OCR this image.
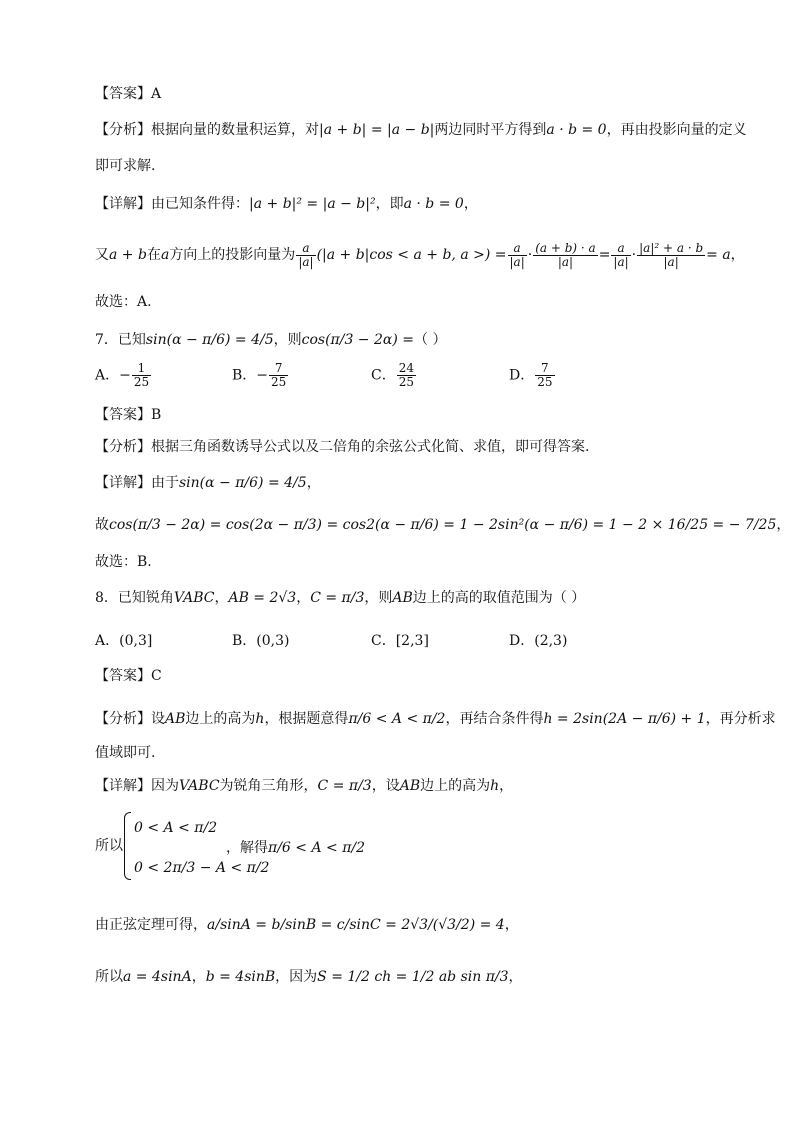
【答案】A
【分析】根据向量的数量积运算，对|a + b| = |a − b|两边同时平方得到a · b = 0，再由投影向量的定义
即可求解.
【详解】由已知条件得：|a + b|² = |a − b|²，即a · b = 0，
又a + b在a方向上的投影向量为 $\frac{a}{|a|} (|a + b|\cos < a + b$, a >) = $\frac{a}{|a|} \cdot \frac{(a + b) \cdot a}{|a|} = \frac{a}{|a|} \cdot \frac{\text{|a|² + a · b}}{|a|} = a$，
故选：A.
7．已知sin(α − π/6) = 4/5，则cos(π/3 − 2α) =（ ）
A．− $\frac{1}{25}$	B．− $\frac{7}{25}$	C． $\frac{24}{25}$	D． $\frac{7}{25}$
【答案】B
【分析】根据三角函数诱导公式以及二倍角的余弦公式化简、求值，即可得答案.
【详解】由于sin(α − π/6) = 4/5，
故cos(π/3 − 2α) = cos(2α − π/3) = cos2(α − π/6) = 1 − 2sin²(α − π/6) = 1 − 2 × 16/25 = − 7/25，
故选：B.
8．已知锐角VABC，AB = 2√3，C = π/3，则AB边上的高的取值范围为（ ）
A．(0,3]	B．(0,3)	C．[2,3]	D．(2,3)
【答案】C
【分析】设AB边上的高为h，根据题意得π/6 < A < π/2，再结合条件得h = 2sin(2A − π/6) + 1，再分析求
值域即可.
【详解】因为VABC为锐角三角形，C = π/3，设AB边上的高为h，
所以
0 < A < π/2
0 < 2π/3 − A < π/2
，解得π/6 < A < π/2
由正弦定理可得，a/sinA = b/sinB = c/sinC = 2√3/(√3/2) = 4，
所以a = 4sinA，b = 4sinB，因为S = 1/2 ch = 1/2 ab sin π/3，
